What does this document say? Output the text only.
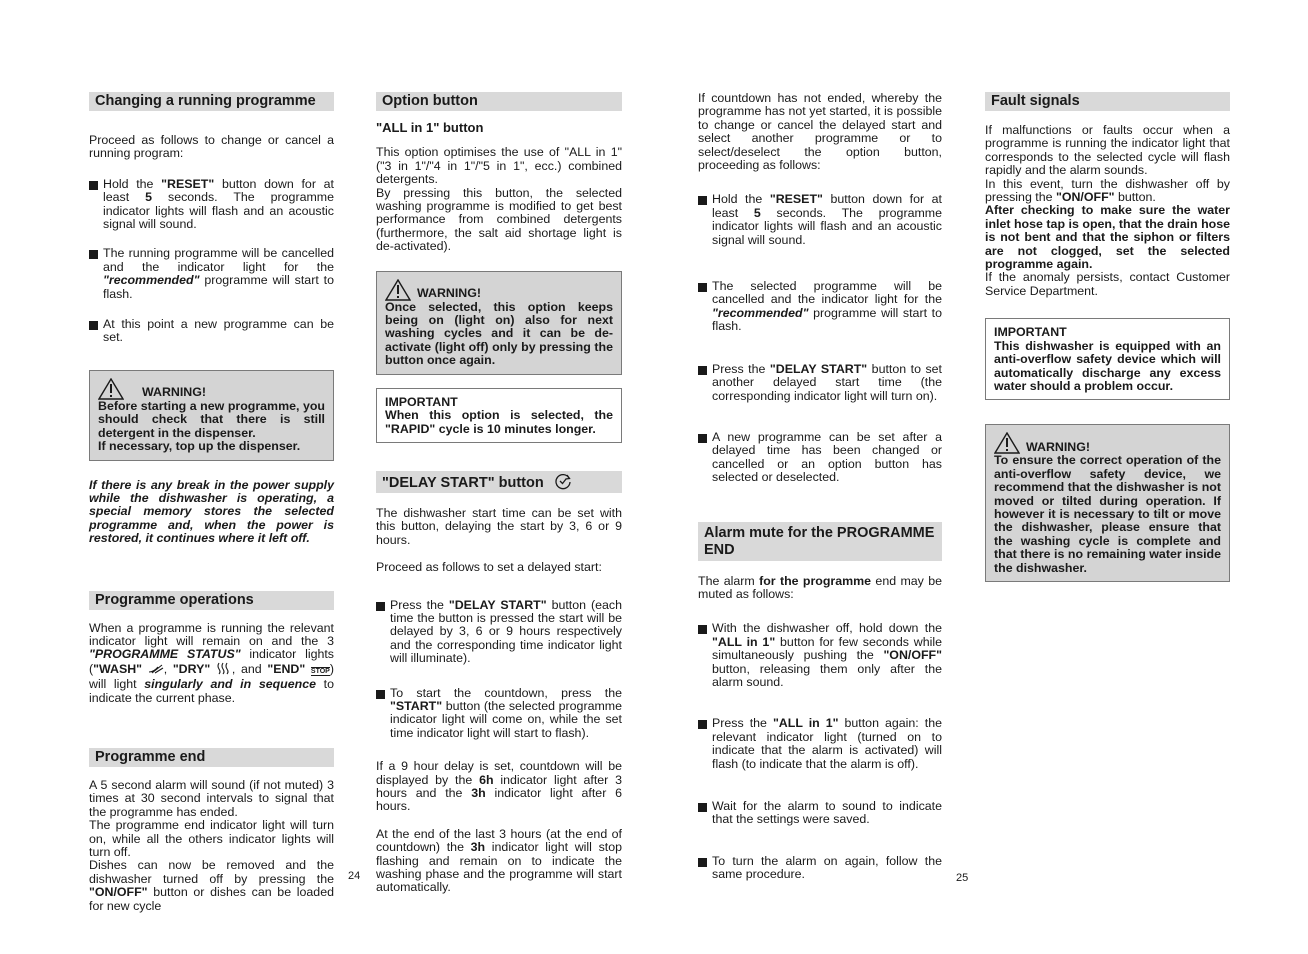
Changing a running programme

Proceed as follows to change or cancel a running program:

Hold the "RESET" button down for at least 5 seconds. The programme indicator lights will flash and an acoustic signal will sound.

The running programme will be cancelled and the indicator light for the "recommended" programme will start to flash.

At this point a new programme can be set.

WARNING!

Before starting a new programme, you should check that there is still detergent in the dispenser.

If necessary, top up the dispenser.

If there is any break in the power supply while the dishwasher is operating, a special memory stores the selected programme and, when the power is restored, it continues where it left off.

Programme operations

When a programme is running the relevant indicator light will remain on and the 3 "PROGRAMME STATUS" indicator lights ("WASH" , "DRY" , and "END" STOP) will light singularly and in sequence to indicate the current phase.

Programme end

A 5 second alarm will sound (if not muted) 3 times at 30 second intervals to signal that the programme has ended.

The programme end indicator light will turn on, while all the others indicator lights will turn off.

Dishes can now be removed and the dishwasher turned off by pressing the "ON/OFF" button or dishes can be loaded for new cycle

24
Option button

"ALL in 1" button

This option optimises the use of "ALL in 1" ("3 in 1"/"4 in 1"/"5 in 1", ecc.) combined detergents.

By pressing this button, the selected washing programme is modified to get best performance from combined detergents (furthermore, the salt aid shortage light is de-activated).

WARNING!

Once selected, this option keeps being on (light on) also for next washing cycles and it can be de-activate (light off) only by pressing the button once again.

IMPORTANT

When this option is selected, the "RAPID" cycle is 10 minutes longer.

"DELAY START" button

The dishwasher start time can be set with this button, delaying the start by 3, 6 or 9 hours.

Proceed as follows to set a delayed start:

Press the "DELAY START" button (each time the button is pressed the start will be delayed by 3, 6 or 9 hours respectively and the corresponding time indicator light will illuminate).

To start the countdown, press the "START" button (the selected programme indicator light will come on, while the set time indicator light will start to flash).

If a 9 hour delay is set, countdown will be displayed by the 6h indicator light after 3 hours and the 3h indicator light after 6 hours.

At the end of the last 3 hours (at the end of countdown) the 3h indicator light will stop flashing and remain on to indicate the washing phase and the programme will start automatically.

If countdown has not ended, whereby the programme has not yet started, it is possible to change or cancel the delayed start and select another programme or to select/deselect the option button, proceeding as follows:

Hold the "RESET" button down for at least 5 seconds. The programme indicator lights will flash and an acoustic signal will sound.

The selected programme will be cancelled and the indicator light for the "recommended" programme will start to flash.

Press the "DELAY START" button to set another delayed start time (the corresponding indicator light will turn on).

A new programme can be set after a delayed time has been changed or cancelled or an option button has selected or deselected.

Alarm mute for the PROGRAMME END

The alarm for the programme end may be muted as follows:

With the dishwasher off, hold down the "ALL in 1" button for few seconds while simultaneously pushing the "ON/OFF" button, releasing them only after the alarm sound.

Press the "ALL in 1" button again: the relevant indicator light (turned on to indicate that the alarm is activated) will flash (to indicate that the alarm is off).

Wait for the alarm to sound to indicate that the settings were saved.

To turn the alarm on again, follow the same procedure.	25
Fault signals

If malfunctions or faults occur when a programme is running the indicator light that corresponds to the selected cycle will flash rapidly and the alarm sounds.

In this event, turn the dishwasher off by pressing the "ON/OFF" button.

After checking to make sure the water inlet hose tap is open, that the drain hose is not bent and that the siphon or filters are not clogged, set the selected programme again.

If the anomaly persists, contact Customer Service Department.

IMPORTANT

This dishwasher is equipped with an anti-overflow safety device which will automatically discharge any excess water should a problem occur.

WARNING!

To ensure the correct operation of the anti-overflow safety device, we recommend that the dishwasher is not moved or tilted during operation. If however it is necessary to tilt or move the dishwasher, please ensure that the washing cycle is complete and that there is no remaining water inside the dishwasher.
